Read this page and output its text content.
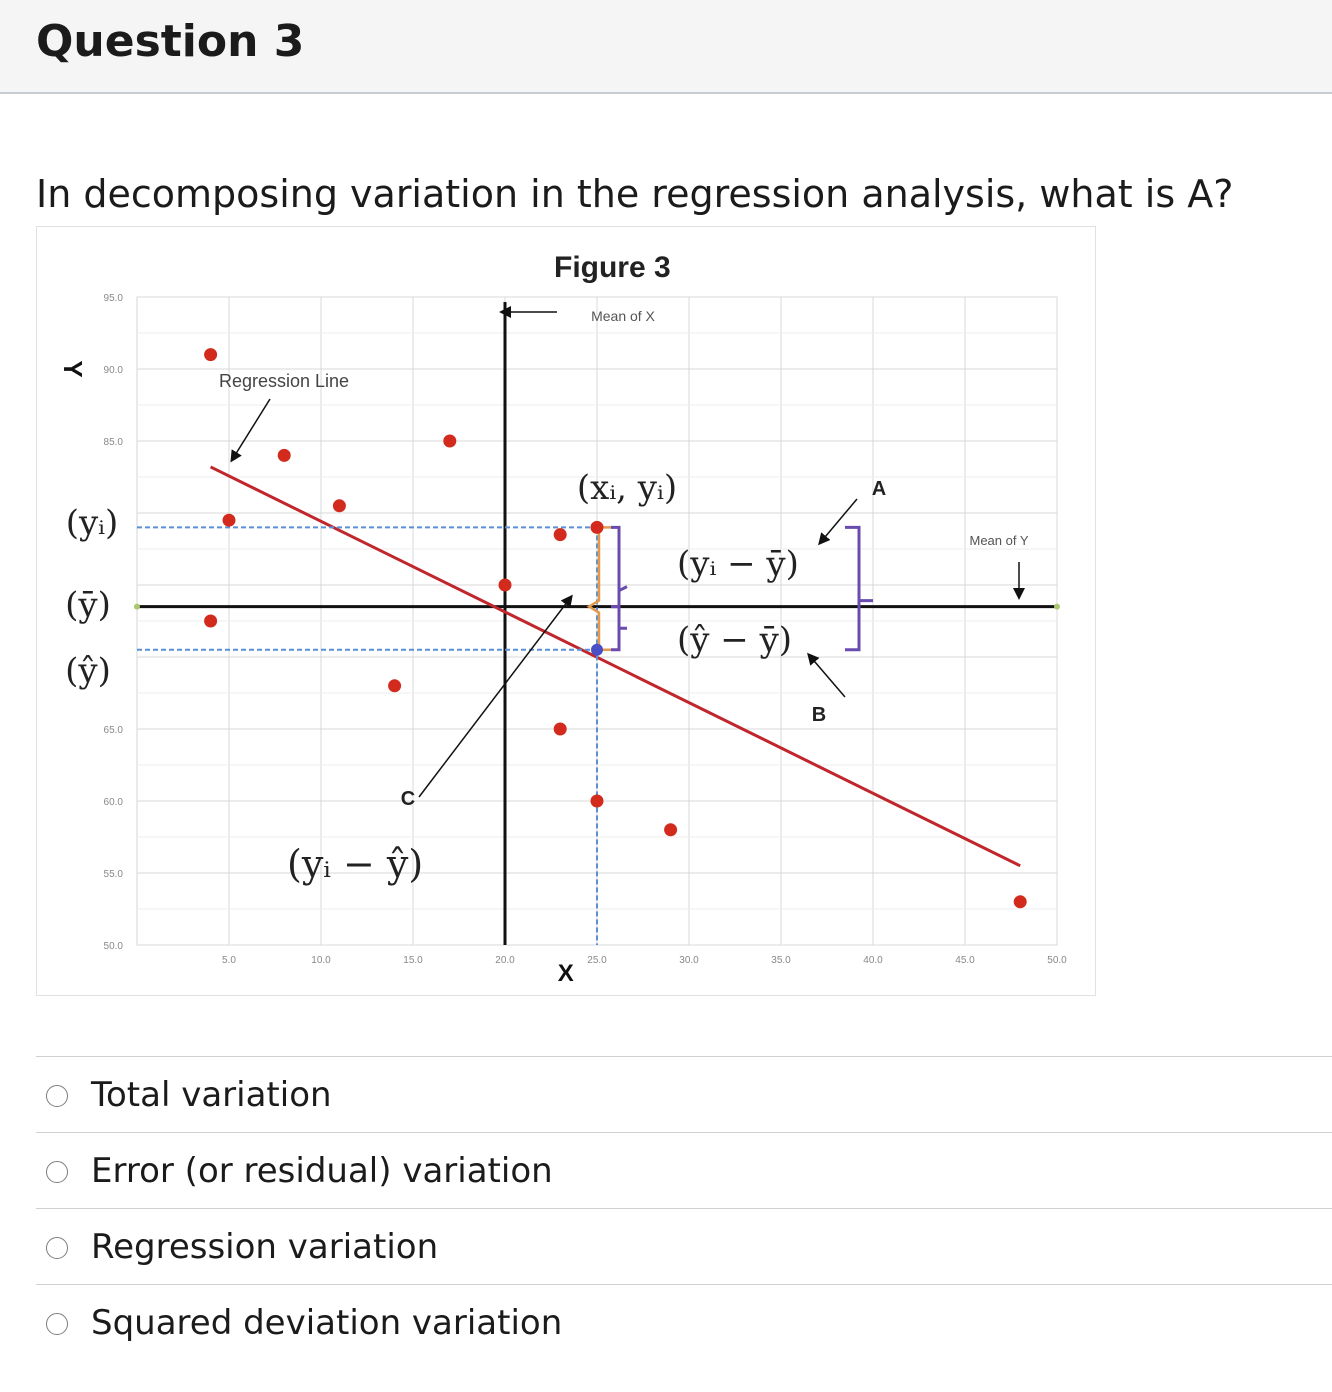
Question 3
In decomposing variation in the regression analysis, what is A?
95.0
90.0
85.0
65.0
60.0
55.0
50.0
5.0	10.0	15.0	20.0	25.0	30.0	35.0	40.0	45.0	50.0
Y
X
Mean of X
Mean of Y
Regression Line
(yᵢ)
(ȳ)
(ŷ)
(xᵢ, yᵢ)
(yᵢ − ȳ)
(ŷ − ȳ)
(yᵢ − ŷ)
A
B
C
Figure 3
Total variation
Error (or residual) variation
Regression variation
Squared deviation variation
